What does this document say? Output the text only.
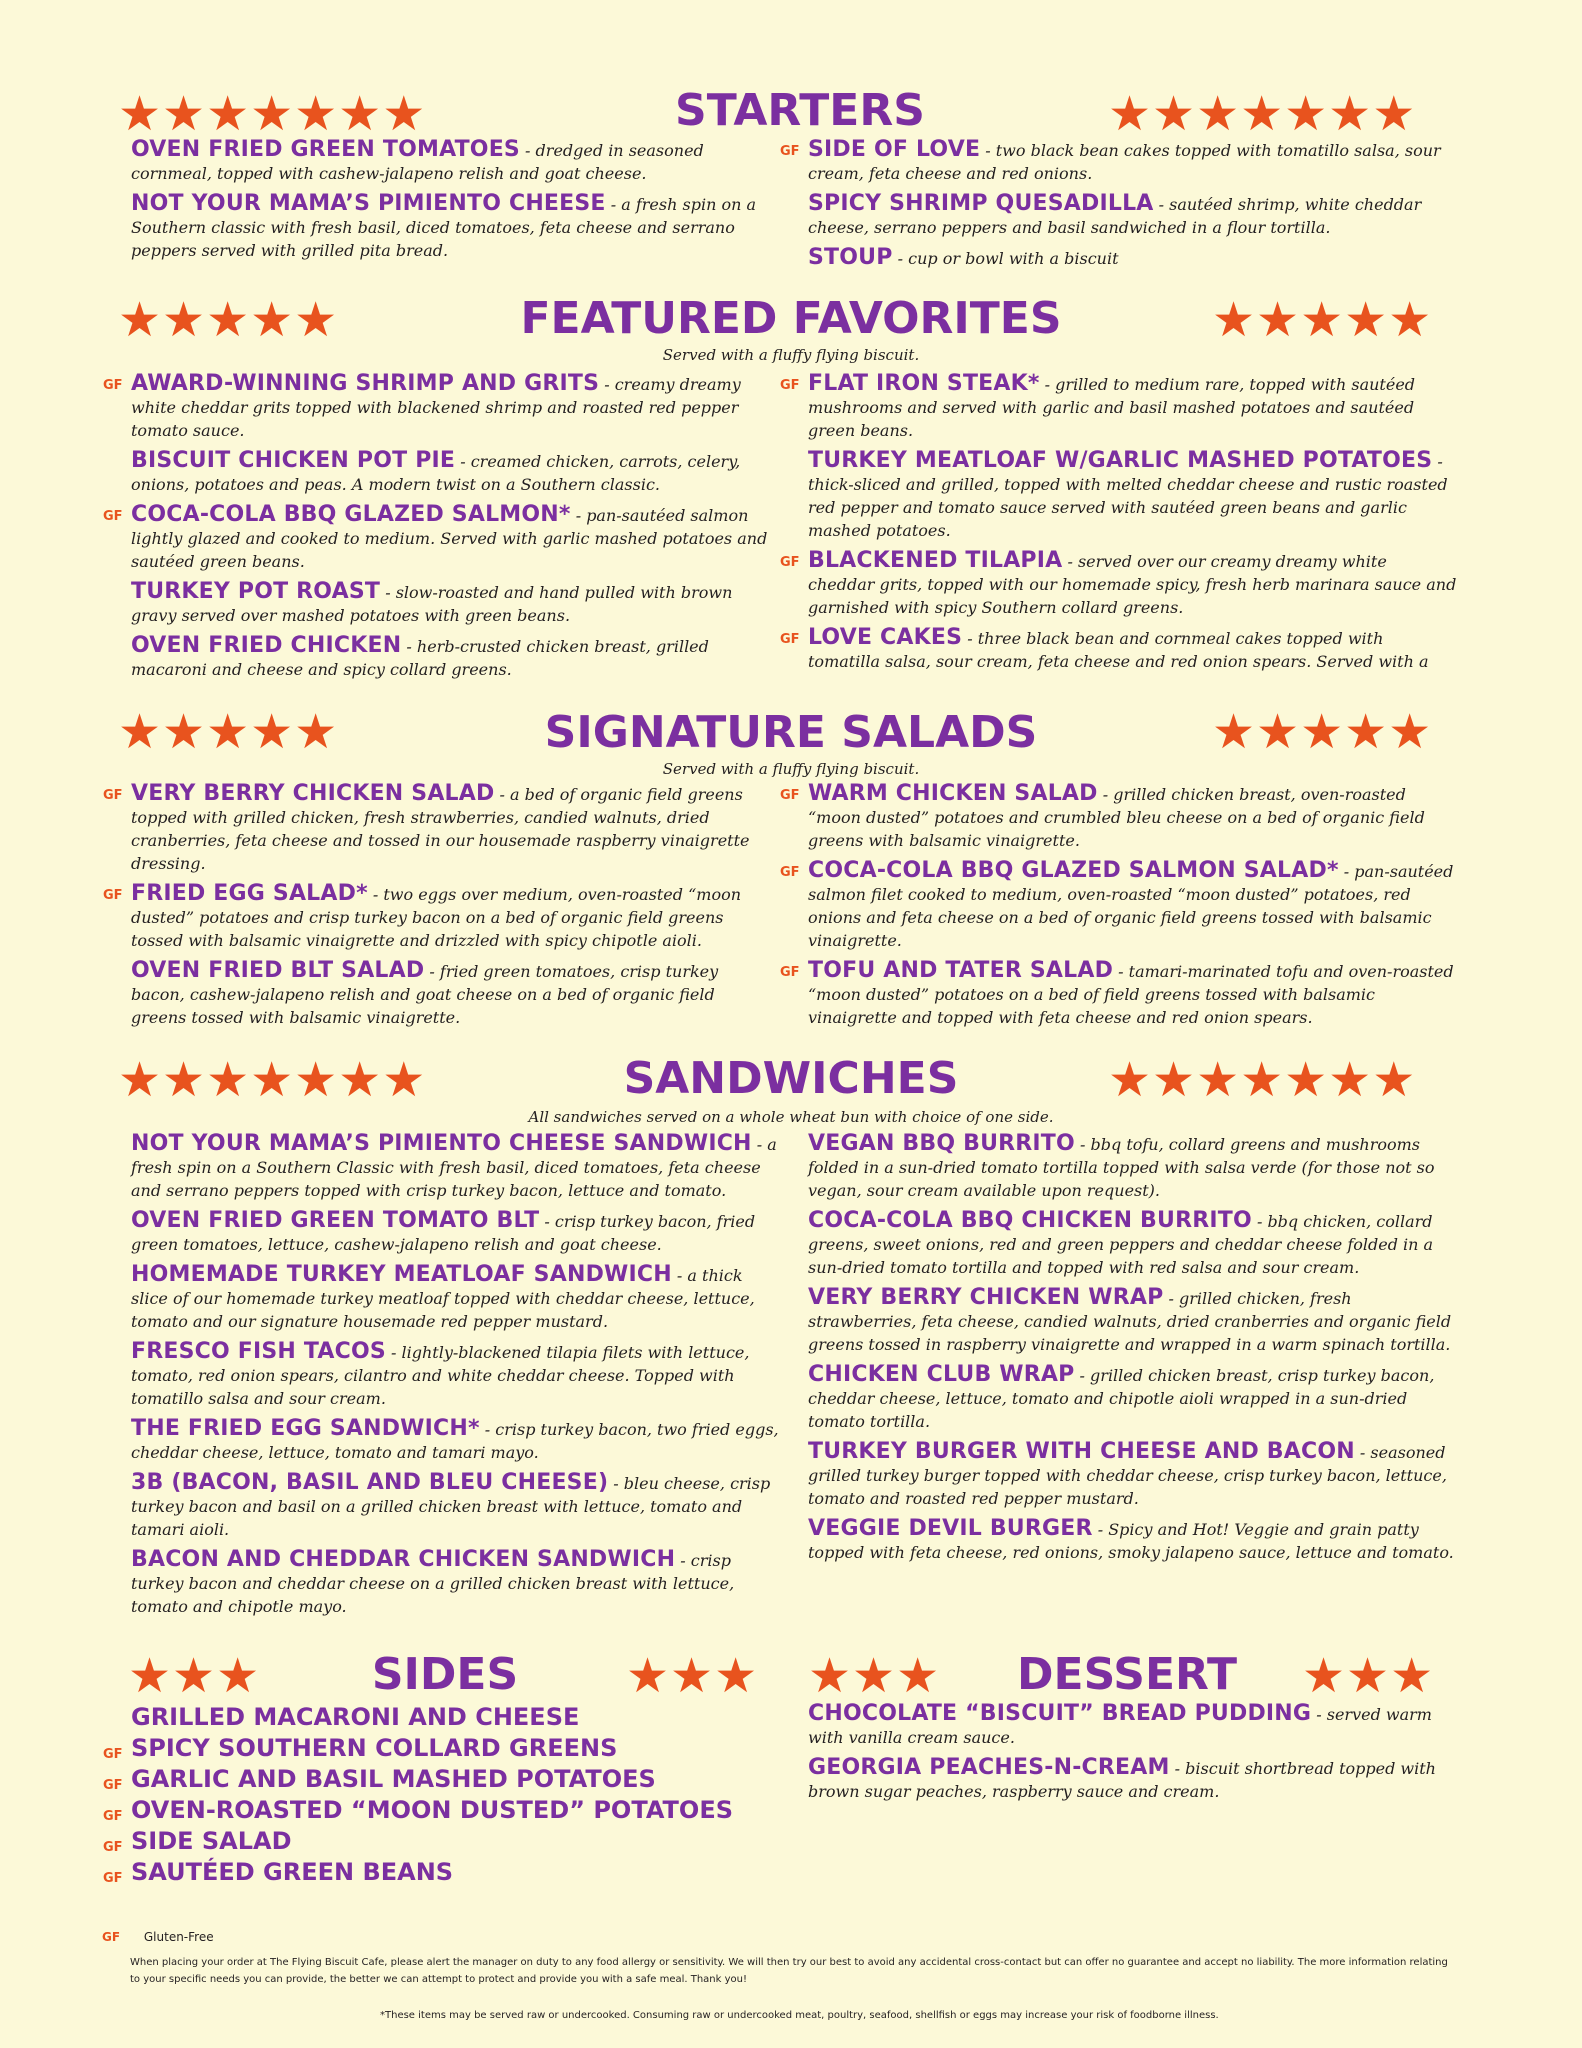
★★★★★★★	★★★★★★★
STARTERS
OVEN FRIED GREEN TOMATOES - dredged in seasoned cornmeal, topped with cashew-jalapeno relish and goat cheese.
NOT YOUR MAMA’S PIMIENTO CHEESE - a fresh spin on a Southern classic with fresh basil, diced tomatoes, feta cheese and serrano peppers served with grilled pita bread.
GF SIDE OF LOVE - two black bean cakes topped with tomatillo salsa, sour cream, feta cheese and red onions.
SPICY SHRIMP QUESADILLA - sautéed shrimp, white cheddar cheese, serrano peppers and basil sandwiched in a flour tortilla.
STOUP - cup or bowl with a biscuit
★★★★★	★★★★★
FEATURED FAVORITES
Served with a fluffy flying biscuit.
GF AWARD-WINNING SHRIMP AND GRITS - creamy dreamy white cheddar grits topped with blackened shrimp and roasted red pepper tomato sauce.
BISCUIT CHICKEN POT PIE - creamed chicken, carrots, celery, onions, potatoes and peas. A modern twist on a Southern classic.
GF COCA-COLA BBQ GLAZED SALMON* - pan-sautéed salmon lightly glazed and cooked to medium. Served with garlic mashed potatoes and sautéed green beans.
TURKEY POT ROAST - slow-roasted and hand pulled with brown gravy served over mashed potatoes with green beans.
OVEN FRIED CHICKEN - herb-crusted chicken breast, grilled macaroni and cheese and spicy collard greens.
GF FLAT IRON STEAK* - grilled to medium rare, topped with sautéed mushrooms and served with garlic and basil mashed potatoes and sautéed green beans.
TURKEY MEATLOAF W/GARLIC MASHED POTATOES - thick-sliced and grilled, topped with melted cheddar cheese and rustic roasted red pepper and tomato sauce served with sautéed green beans and garlic mashed potatoes.
GF BLACKENED TILAPIA - served over our creamy dreamy white cheddar grits, topped with our homemade spicy, fresh herb marinara sauce and garnished with spicy Southern collard greens.
GF LOVE CAKES - three black bean and cornmeal cakes topped with tomatilla salsa, sour cream, feta cheese and red onion spears. Served with a
★★★★★	★★★★★
SIGNATURE SALADS
Served with a fluffy flying biscuit.
GF VERY BERRY CHICKEN SALAD - a bed of organic field greens topped with grilled chicken, fresh strawberries, candied walnuts, dried cranberries, feta cheese and tossed in our housemade raspberry vinaigrette dressing.
GF FRIED EGG SALAD* - two eggs over medium, oven-roasted “moon dusted” potatoes and crisp turkey bacon on a bed of organic field greens tossed with balsamic vinaigrette and drizzled with spicy chipotle aioli.
OVEN FRIED BLT SALAD - fried green tomatoes, crisp turkey bacon, cashew-jalapeno relish and goat cheese on a bed of organic field greens tossed with balsamic vinaigrette.
GF WARM CHICKEN SALAD - grilled chicken breast, oven-roasted “moon dusted” potatoes and crumbled bleu cheese on a bed of organic field greens with balsamic vinaigrette.
GF COCA-COLA BBQ GLAZED SALMON SALAD* - pan-sautéed salmon filet cooked to medium, oven-roasted “moon dusted” potatoes, red onions and feta cheese on a bed of organic field greens tossed with balsamic vinaigrette.
GF TOFU AND TATER SALAD - tamari-marinated tofu and oven-roasted “moon dusted” potatoes on a bed of field greens tossed with balsamic vinaigrette and topped with feta cheese and red onion spears.
★★★★★★★	★★★★★★★
SANDWICHES
All sandwiches served on a whole wheat bun with choice of one side.
NOT YOUR MAMA’S PIMIENTO CHEESE SANDWICH - a fresh spin on a Southern Classic with fresh basil, diced tomatoes, feta cheese and serrano peppers topped with crisp turkey bacon, lettuce and tomato.
OVEN FRIED GREEN TOMATO BLT - crisp turkey bacon, fried green tomatoes, lettuce, cashew-jalapeno relish and goat cheese.
HOMEMADE TURKEY MEATLOAF SANDWICH - a thick slice of our homemade turkey meatloaf topped with cheddar cheese, lettuce, tomato and our signature housemade red pepper mustard.
FRESCO FISH TACOS - lightly-blackened tilapia filets with lettuce, tomato, red onion spears, cilantro and white cheddar cheese. Topped with tomatillo salsa and sour cream.
THE FRIED EGG SANDWICH* - crisp turkey bacon, two fried eggs, cheddar cheese, lettuce, tomato and tamari mayo.
3B (BACON, BASIL AND BLEU CHEESE) - bleu cheese, crisp turkey bacon and basil on a grilled chicken breast with lettuce, tomato and tamari aioli.
BACON AND CHEDDAR CHICKEN SANDWICH - crisp turkey bacon and cheddar cheese on a grilled chicken breast with lettuce, tomato and chipotle mayo.
VEGAN BBQ BURRITO - bbq tofu, collard greens and mushrooms folded in a sun-dried tomato tortilla topped with salsa verde (for those not so vegan, sour cream available upon request).
COCA-COLA BBQ CHICKEN BURRITO - bbq chicken, collard greens, sweet onions, red and green peppers and cheddar cheese folded in a sun-dried tomato tortilla and topped with red salsa and sour cream.
VERY BERRY CHICKEN WRAP - grilled chicken, fresh strawberries, feta cheese, candied walnuts, dried cranberries and organic field greens tossed in raspberry vinaigrette and wrapped in a warm spinach tortilla.
CHICKEN CLUB WRAP - grilled chicken breast, crisp turkey bacon, cheddar cheese, lettuce, tomato and chipotle aioli wrapped in a sun-dried tomato tortilla.
TURKEY BURGER WITH CHEESE AND BACON - seasoned grilled turkey burger topped with cheddar cheese, crisp turkey bacon, lettuce, tomato and roasted red pepper mustard.
VEGGIE DEVIL BURGER - Spicy and Hot! Veggie and grain patty topped with feta cheese, red onions, smoky jalapeno sauce, lettuce and tomato.
★★★	★★★
SIDES
GRILLED MACARONI AND CHEESE
GF SPICY SOUTHERN COLLARD GREENS
GF GARLIC AND BASIL MASHED POTATOES
GF OVEN-ROASTED “MOON DUSTED” POTATOES
GF SIDE SALAD
GF SAUTÉED GREEN BEANS
★★★	★★★
DESSERT
CHOCOLATE “BISCUIT” BREAD PUDDING - served warm with vanilla cream sauce.
GEORGIA PEACHES-N-CREAM - biscuit shortbread topped with brown sugar peaches, raspberry sauce and cream.
GF Gluten-Free
When placing your order at The Flying Biscuit Cafe, please alert the manager on duty to any food allergy or sensitivity. We will then try our best to avoid any accidental cross-contact but can offer no guarantee and accept no liability. The more information relating to your specific needs you can provide, the better we can attempt to protect and provide you with a safe meal. Thank you!
*These items may be served raw or undercooked. Consuming raw or undercooked meat, poultry, seafood, shellfish or eggs may increase your risk of foodborne illness.
